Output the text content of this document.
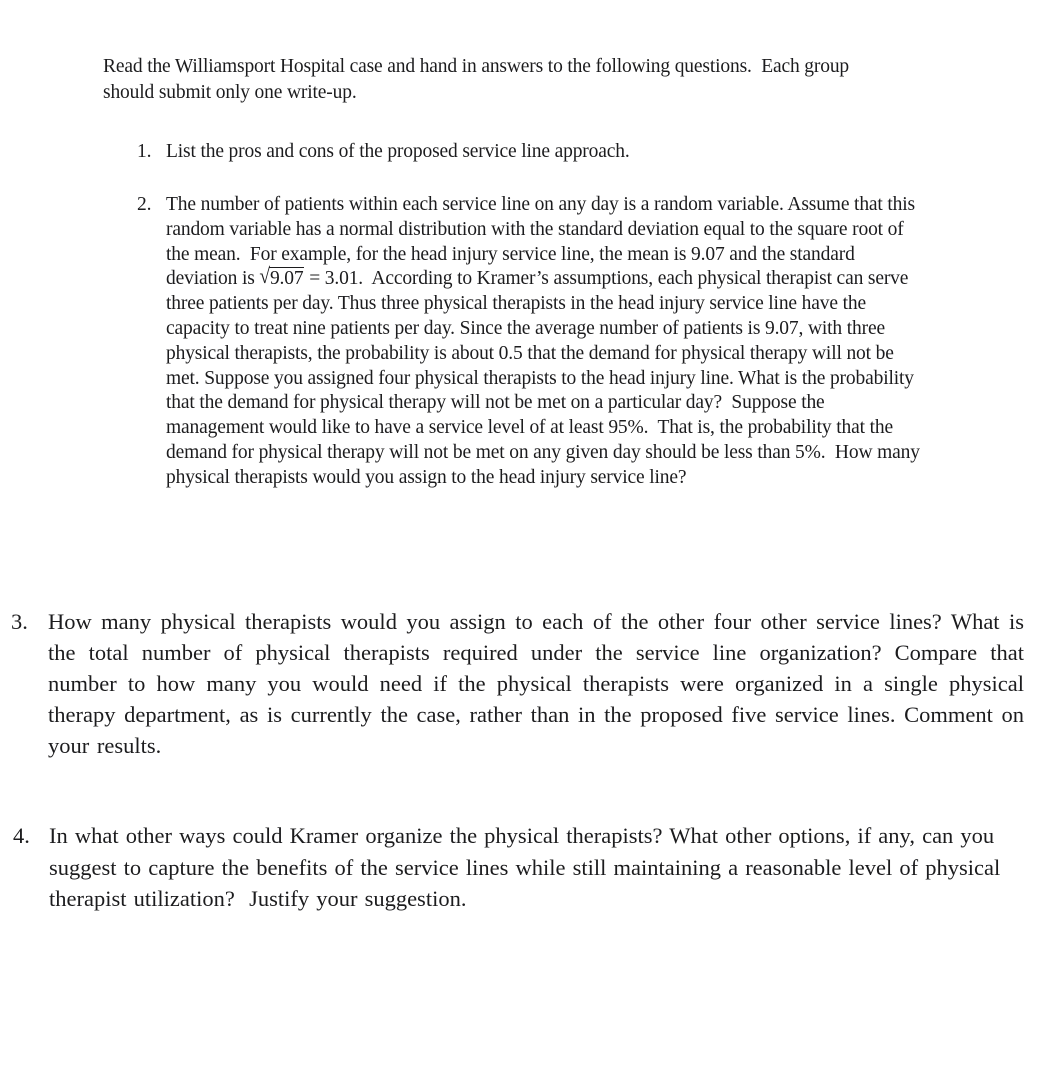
Read the Williamsport Hospital case and hand in answers to the following questions.  Each group should submit only one write-up.

1. List the pros and cons of the proposed service line approach.
2. The number of patients within each service line on any day is a random variable. Assume that this random variable has a normal distribution with the standard deviation equal to the square root of the mean.  For example, for the head injury service line, the mean is 9.07 and the standard deviation is √9.07 = 3.01.  According to Kramer’s assumptions, each physical therapist can serve three patients per day. Thus three physical therapists in the head injury service line have the capacity to treat nine patients per day. Since the average number of patients is 9.07, with three physical therapists, the probability is about 0.5 that the demand for physical therapy will not be met. Suppose you assigned four physical therapists to the head injury line. What is the probability that the demand for physical therapy will not be met on a particular day?  Suppose the management would like to have a service level of at least 95%.  That is, the probability that the demand for physical therapy will not be met on any given day should be less than 5%.  How many physical therapists would you assign to the head injury service line?
3. How many physical therapists would you assign to each of the other four other service lines? What is the total number of physical therapists required under the service line organization? Compare that number to how many you would need if the physical therapists were organized in a single physical therapy department, as is currently the case, rather than in the proposed five service lines. Comment on your results.
4. In what other ways could Kramer organize the physical therapists? What other options, if any, can you suggest to capture the benefits of the service lines while still maintaining a reasonable level of physical therapist utilization?  Justify your suggestion.
